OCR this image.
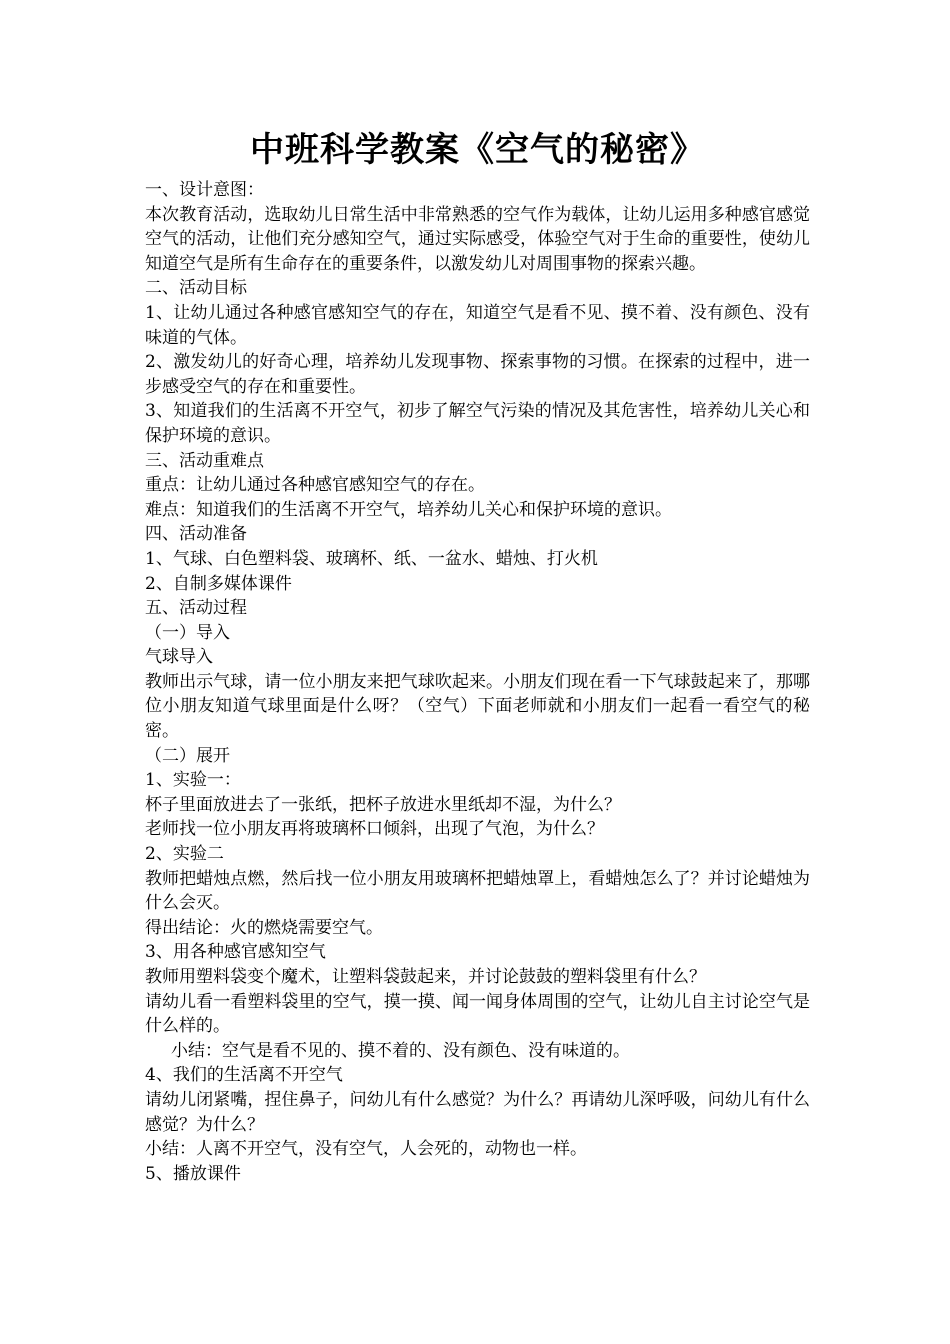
中班科学教案《空气的秘密》

一、设计意图：

本次教育活动，选取幼儿日常生活中非常熟悉的空气作为载体，让幼儿运用多种感官感觉空气的活动，让他们充分感知空气，通过实际感受，体验空气对于生命的重要性，使幼儿知道空气是所有生命存在的重要条件，以激发幼儿对周围事物的探索兴趣。

二、活动目标

1、让幼儿通过各种感官感知空气的存在，知道空气是看不见、摸不着、没有颜色、没有味道的气体。

2、激发幼儿的好奇心理，培养幼儿发现事物、探索事物的习惯。在探索的过程中，进一步感受空气的存在和重要性。

3、知道我们的生活离不开空气，初步了解空气污染的情况及其危害性，培养幼儿关心和保护环境的意识。

三、活动重难点

重点：让幼儿通过各种感官感知空气的存在。

难点：知道我们的生活离不开空气，培养幼儿关心和保护环境的意识。

四、活动准备

1、气球、白色塑料袋、玻璃杯、纸、一盆水、蜡烛、打火机

2、自制多媒体课件

五、活动过程

（一）导入

气球导入

教师出示气球，请一位小朋友来把气球吹起来。小朋友们现在看一下气球鼓起来了，那哪位小朋友知道气球里面是什么呀？（空气）下面老师就和小朋友们一起看一看空气的秘密。

（二）展开

1、实验一：

杯子里面放进去了一张纸，把杯子放进水里纸却不湿，为什么？

老师找一位小朋友再将玻璃杯口倾斜，出现了气泡，为什么？

2、实验二

教师把蜡烛点燃，然后找一位小朋友用玻璃杯把蜡烛罩上，看蜡烛怎么了？并讨论蜡烛为什么会灭。

得出结论：火的燃烧需要空气。

3、用各种感官感知空气

教师用塑料袋变个魔术，让塑料袋鼓起来，并讨论鼓鼓的塑料袋里有什么？

请幼儿看一看塑料袋里的空气，摸一摸、闻一闻身体周围的空气，让幼儿自主讨论空气是什么样的。

小结：空气是看不见的、摸不着的、没有颜色、没有味道的。

4、我们的生活离不开空气

请幼儿闭紧嘴，捏住鼻子，问幼儿有什么感觉？为什么？再请幼儿深呼吸，问幼儿有什么感觉？为什么？

小结：人离不开空气，没有空气，人会死的，动物也一样。

5、播放课件
